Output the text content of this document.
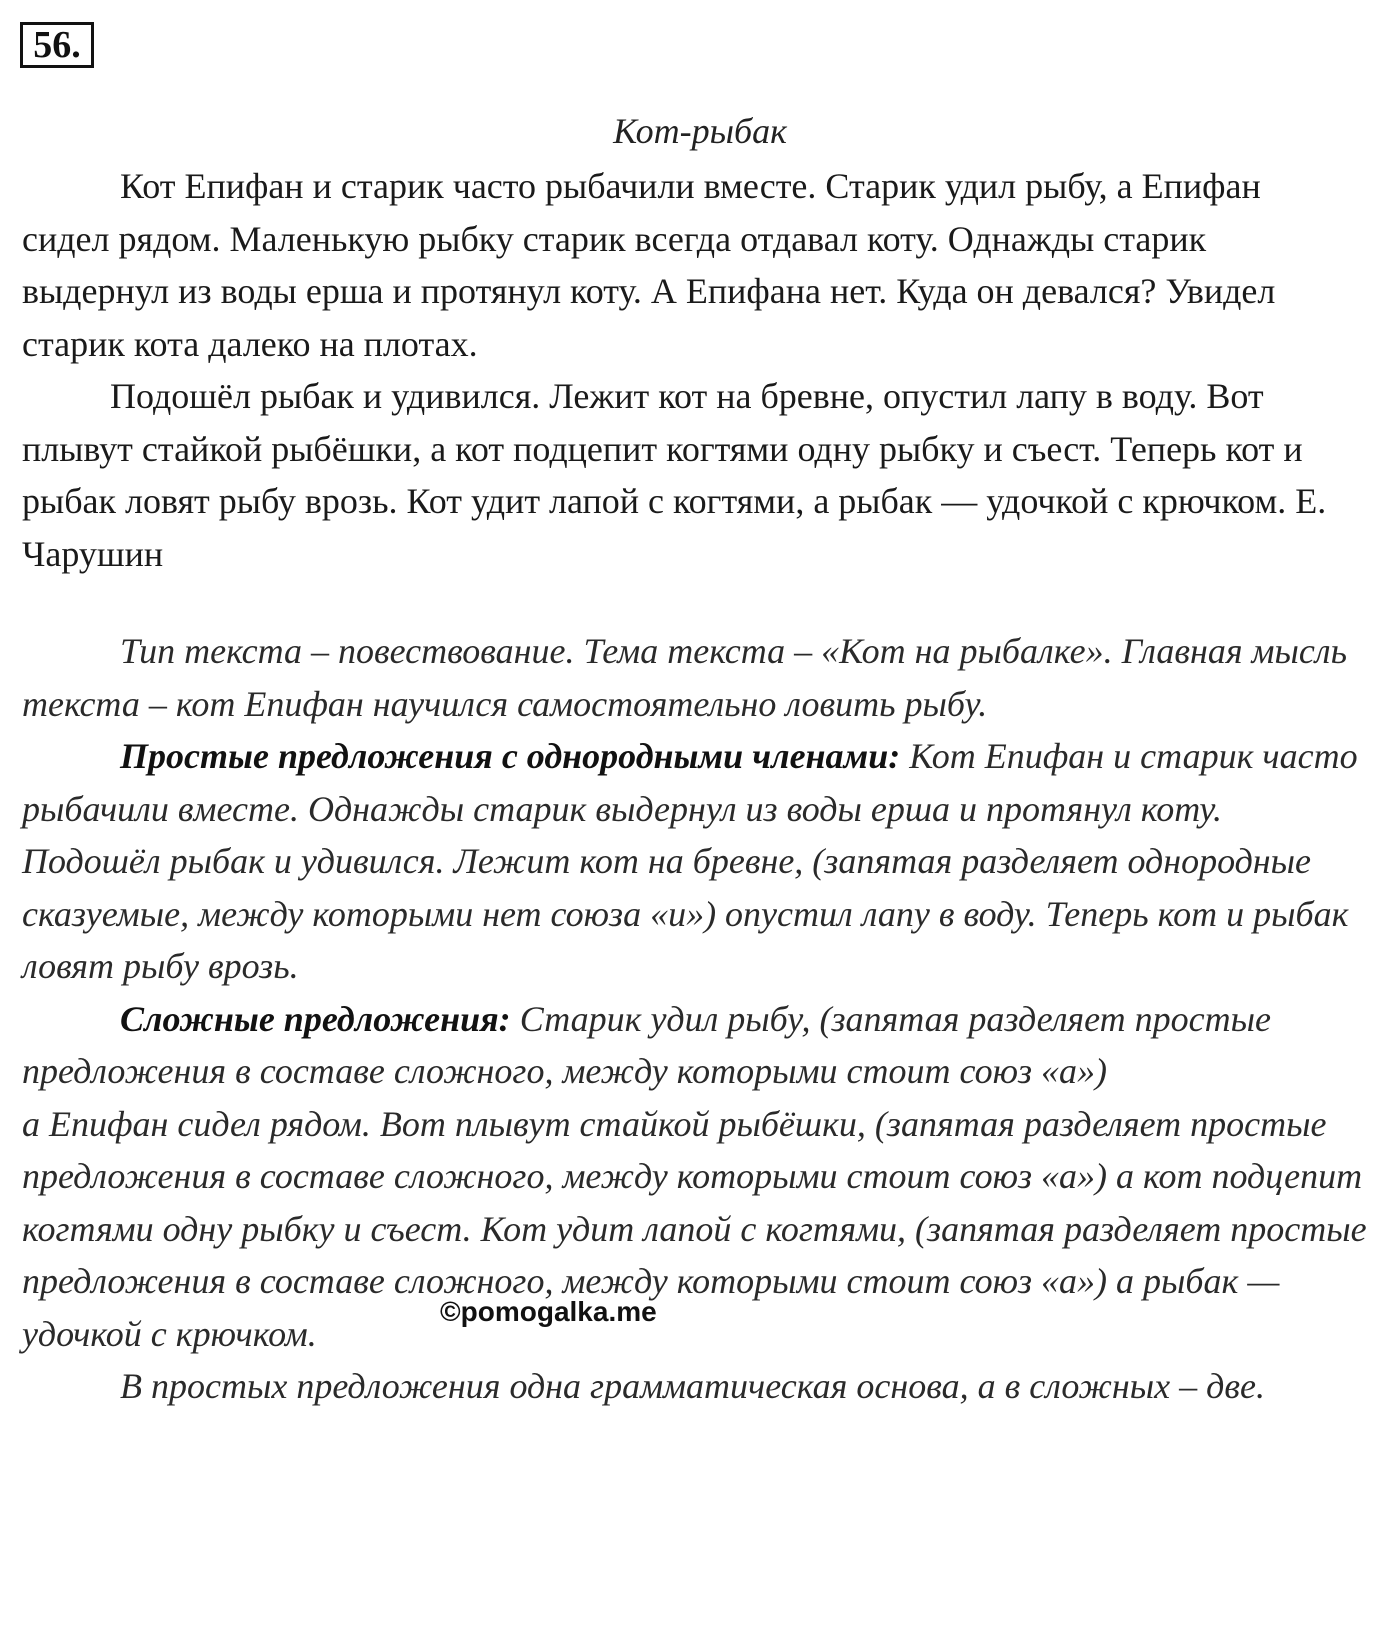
56.
Кот-рыбак

Кот Епифан и старик часто рыбачили вместе. Старик удил рыбу, а Епифан сидел рядом. Маленькую рыбку старик всегда отдавал коту. Однажды старик выдернул из воды ерша и протянул коту. А Епифана нет. Куда он девался? Увидел старик кота далеко на плотах.

Подошёл рыбак и удивился. Лежит кот на бревне, опустил лапу в воду. Вот плывут стайкой рыбёшки, а кот подцепит когтями одну рыбку и съест. Теперь кот и рыбак ловят рыбу врозь. Кот удит лапой с когтями, а рыбак — удочкой с крючком. Е. Чарушин

Тип текста – повествование. Тема текста – «Кот на рыбалке». Главная мысль текста – кот Епифан научился самостоятельно ловить рыбу.

Простые предложения с однородными членами: Кот Епифан и старик часто рыбачили вместе. Однажды старик выдернул из воды ерша и протянул коту. Подошёл рыбак и удивился. Лежит кот на бревне, (запятая разделяет однородные сказуемые, между которыми нет союза «и») опустил лапу в воду. Теперь кот и рыбак ловят рыбу врозь.

Сложные предложения: Старик удил рыбу, (запятая разделяет простые предложения в составе сложного, между которыми стоит союз «а»)

а Епифан сидел рядом. Вот плывут стайкой рыбёшки, (запятая разделяет простые предложения в составе сложного, между которыми стоит союз «а») а кот подцепит когтями одну рыбку и съест. Кот удит лапой с когтями, (запятая разделяет простые предложения в составе сложного, между которыми стоит союз «а») а рыбак — удочкой с крючком.

В простых предложения одна грамматическая основа, а в сложных – две.

©pomogalka.me
